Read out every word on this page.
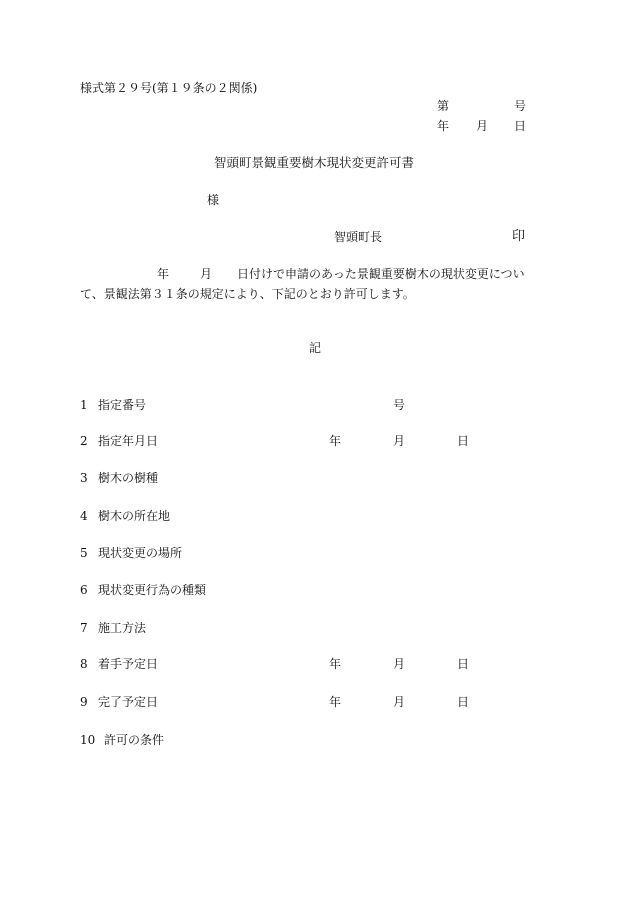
様式第２９号(第１９条の２関係)
第	号
年 月 日
智頭町景観重要樹木現状変更許可書
様
智頭町長	印
年	月 日付けで申請のあった景観重要樹木の現状変更につい
て、景観法第３１条の規定により、下記のとおり許可します。
記
1 指定番号	号
2 指定年月日	年	月	日
3 樹木の樹種
4 樹木の所在地
5 現状変更の場所
6 現状変更行為の種類
7 施工方法
8 着手予定日	年	月	日
9 完了予定日	年	月	日
10 許可の条件
